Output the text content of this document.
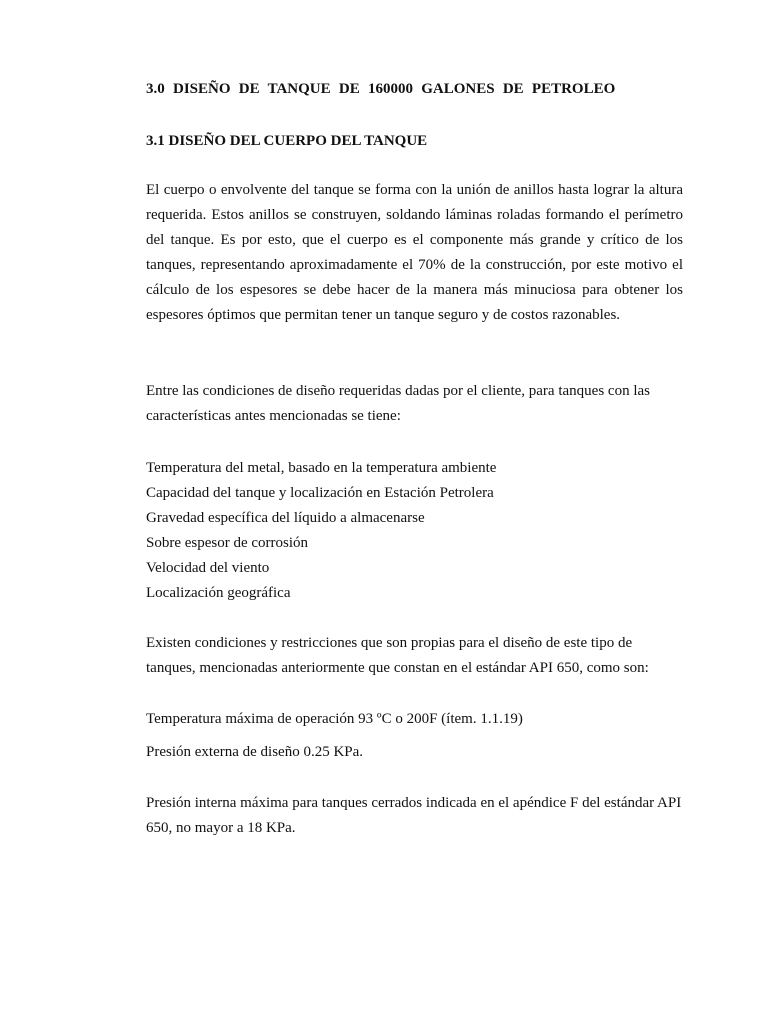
3.0 DISEÑO DE TANQUE DE 160000 GALONES DE PETROLEO
3.1 DISEÑO DEL CUERPO DEL TANQUE

El cuerpo o envolvente del tanque se forma con la unión de anillos hasta lograr la altura requerida. Estos anillos se construyen, soldando láminas roladas formando el perímetro del tanque. Es por esto, que el cuerpo es el componente más grande y crítico de los tanques, representando aproximadamente el 70% de la construcción, por este motivo el cálculo de los espesores se debe hacer de la manera más minuciosa para obtener los espesores óptimos que permitan tener un tanque seguro y de costos razonables.

Entre las condiciones de diseño requeridas dadas por el cliente, para tanques con las características antes mencionadas se tiene:

Temperatura del metal, basado en la temperatura ambiente
Capacidad del tanque y localización en Estación Petrolera
Gravedad específica del líquido a almacenarse
Sobre espesor de corrosión
Velocidad del viento
Localización geográfica

Existen condiciones y restricciones que son propias para el diseño de este tipo de tanques, mencionadas anteriormente que constan en el estándar API 650, como son:

Temperatura máxima de operación 93 ºC o 200F (ítem. 1.1.19)

Presión externa de diseño 0.25 KPa.

Presión interna máxima para tanques cerrados indicada en el apéndice F del estándar API 650, no mayor a 18 KPa.
